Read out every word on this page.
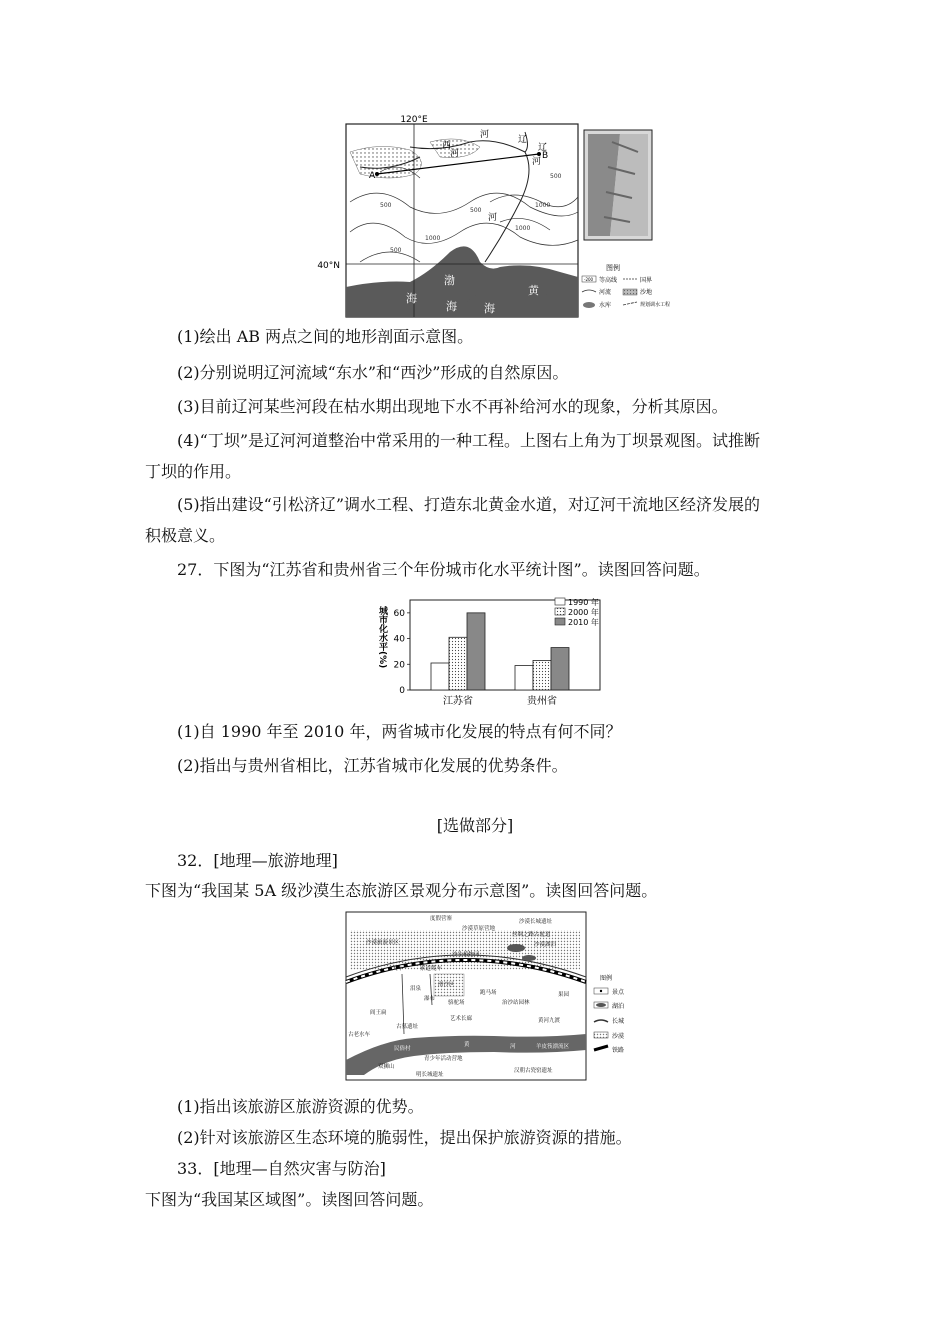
120°E
40°N
A
B
西
辽
河
河
辽
河
河
渤
海
黄
海
海
500
1000
500
1000
500
500
1000
图例
-200 等高线
河流
水库
国界
沙地
规划调水工程
(1)绘出 AB 两点之间的地形剖面示意图。
(2)分别说明辽河流域“东水”和“西沙”形成的自然原因。
(3)目前辽河某些河段在枯水期出现地下水不再补给河水的现象，分析其原因。
(4)“丁坝”是辽河河道整治中常采用的一种工程。上图右上角为丁坝景观图。试推断
丁坝的作用。
(5)指出建设“引松济辽”调水工程、打造东北黄金水道，对辽河干流地区经济发展的
积极意义。
27．下图为“江苏省和贵州省三个年份城市化水平统计图”。读图回答问题。
0
20
40
60
城市化水平(%)
江苏省	贵州省
1990 年
2000 年
2010 年
(1)自 1990 年至 2010 年，两省城市化发展的特点有何不同？
(2)指出与贵州省相比，江苏省城市化发展的优势条件。
[选做部分]
32．[地理—旅游地理]
下图为“我国某 5A 级沙漠生态旅游区景观分布示意图”。读图回答问题。
度假营寨
沙漠草原营地
沙漠长城遗址
丝绸之路古驼道
沙漠湖泊
沙漠旅游景区
沙生植物园
天车	索道缆车
滑沙区
泪泉
瀑布
跑马场
骆驼场	治沙站园林
果园
阎王扁
古墓遗址
艺术长廊	黄河九渡
古老水车
黄	河	羊皮筏漂流区
民俗村
青少年活动营地
双狮山
明长城遗址
汉朝古瓷窑遗址
图例
景点
湖泊
长城
沙漠
铁路
(1)指出该旅游区旅游资源的优势。
(2)针对该旅游区生态环境的脆弱性，提出保护旅游资源的措施。
33．[地理—自然灾害与防治]
下图为“我国某区域图”。读图回答问题。
